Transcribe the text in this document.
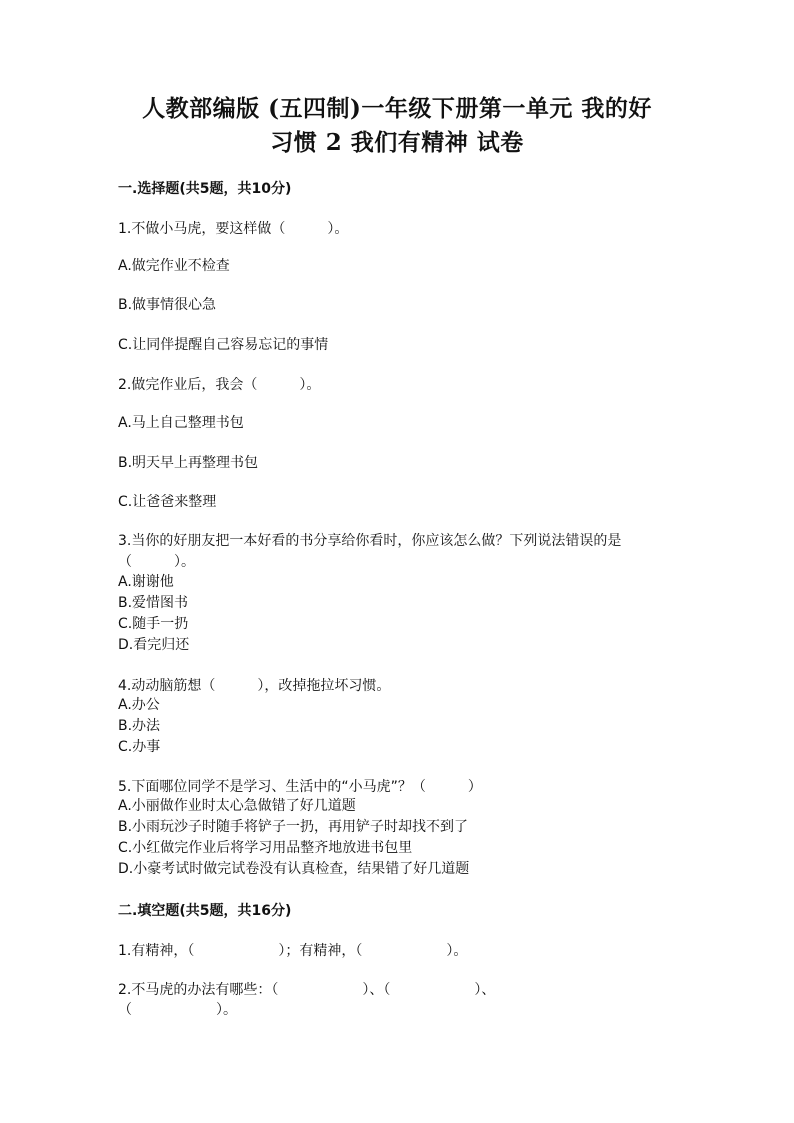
人教部编版 (五四制)一年级下册第一单元 我的好
习惯 2 我们有精神 试卷
一.选择题(共5题，共10分)
1.不做小马虎，要这样做（　　　）。
A.做完作业不检查
B.做事情很心急
C.让同伴提醒自己容易忘记的事情
2.做完作业后，我会（　　　）。
A.马上自己整理书包
B.明天早上再整理书包
C.让爸爸来整理
3.当你的好朋友把一本好看的书分享给你看时，你应该怎么做？下列说法错误的是（　　　）。
A.谢谢他
B.爱惜图书
C.随手一扔
D.看完归还
4.动动脑筋想（　　　），改掉拖拉坏习惯。
A.办公
B.办法
C.办事
5.下面哪位同学不是学习、生活中的“小马虎”？（　　　）
A.小丽做作业时太心急做错了好几道题
B.小雨玩沙子时随手将铲子一扔，再用铲子时却找不到了
C.小红做完作业后将学习用品整齐地放进书包里
D.小豪考试时做完试卷没有认真检查，结果错了好几道题
二.填空题(共5题，共16分)
1.有精神，（　　　　　　）；有精神，（　　　　　　）。
2.不马虎的办法有哪些：（　　　　　　）、（　　　　　　）、
（　　　　　　）。
